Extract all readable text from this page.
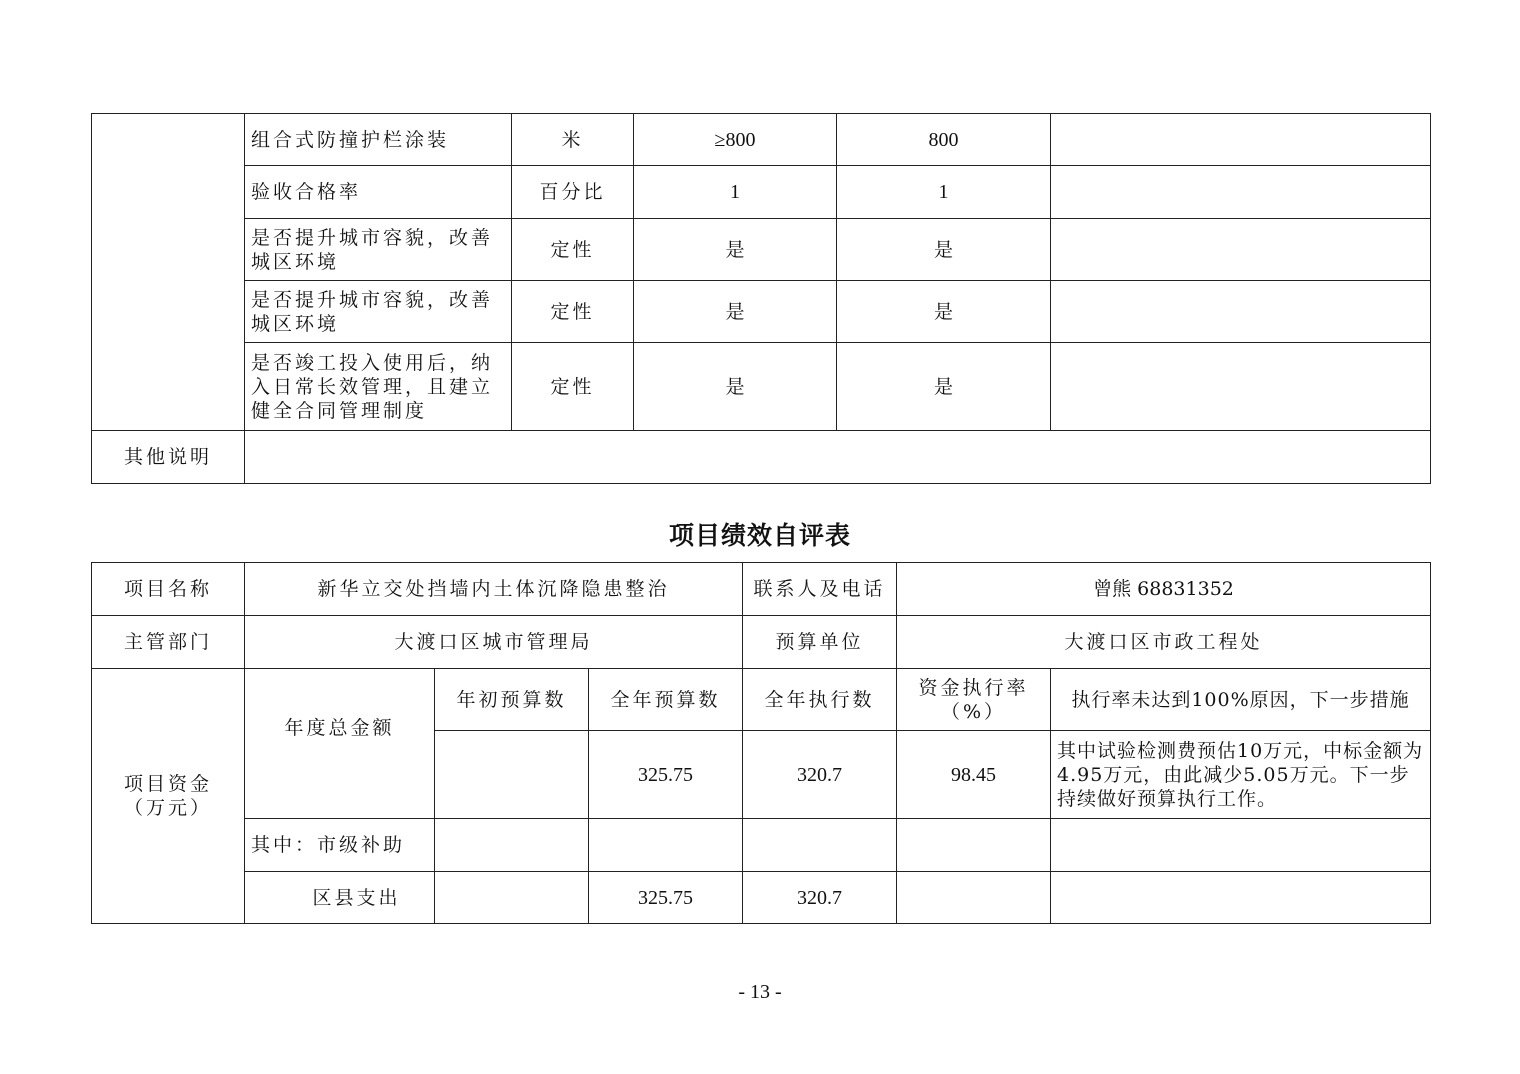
	组合式防撞护栏涂装	米	≥800	800	
	验收合格率	百分比	1	1	
	是否提升城市容貌，改善城区环境	定性	是	是	
	是否提升城市容貌，改善城区环境	定性	是	是	
	是否竣工投入使用后，纳入日常长效管理，且建立健全合同管理制度	定性	是	是	
其他说明					
项目绩效自评表
项目名称	新华立交处挡墙内土体沉降隐患整治			联系人及电话	曾熊 68831352	
主管部门	大渡口区城市管理局			预算单位	大渡口区市政工程处	
项目资金（万元）	年度总金额	年初预算数	全年预算数	全年执行数	资金执行率（%）	执行率未达到100%原因，下一步措施
			325.75	320.7	98.45	其中试验检测费预估10万元，中标金额为4.95万元，由此减少5.05万元。下一步持续做好预算执行工作。
	其中：市级补助					
	区县支出		325.75	320.7		
- 13 -
